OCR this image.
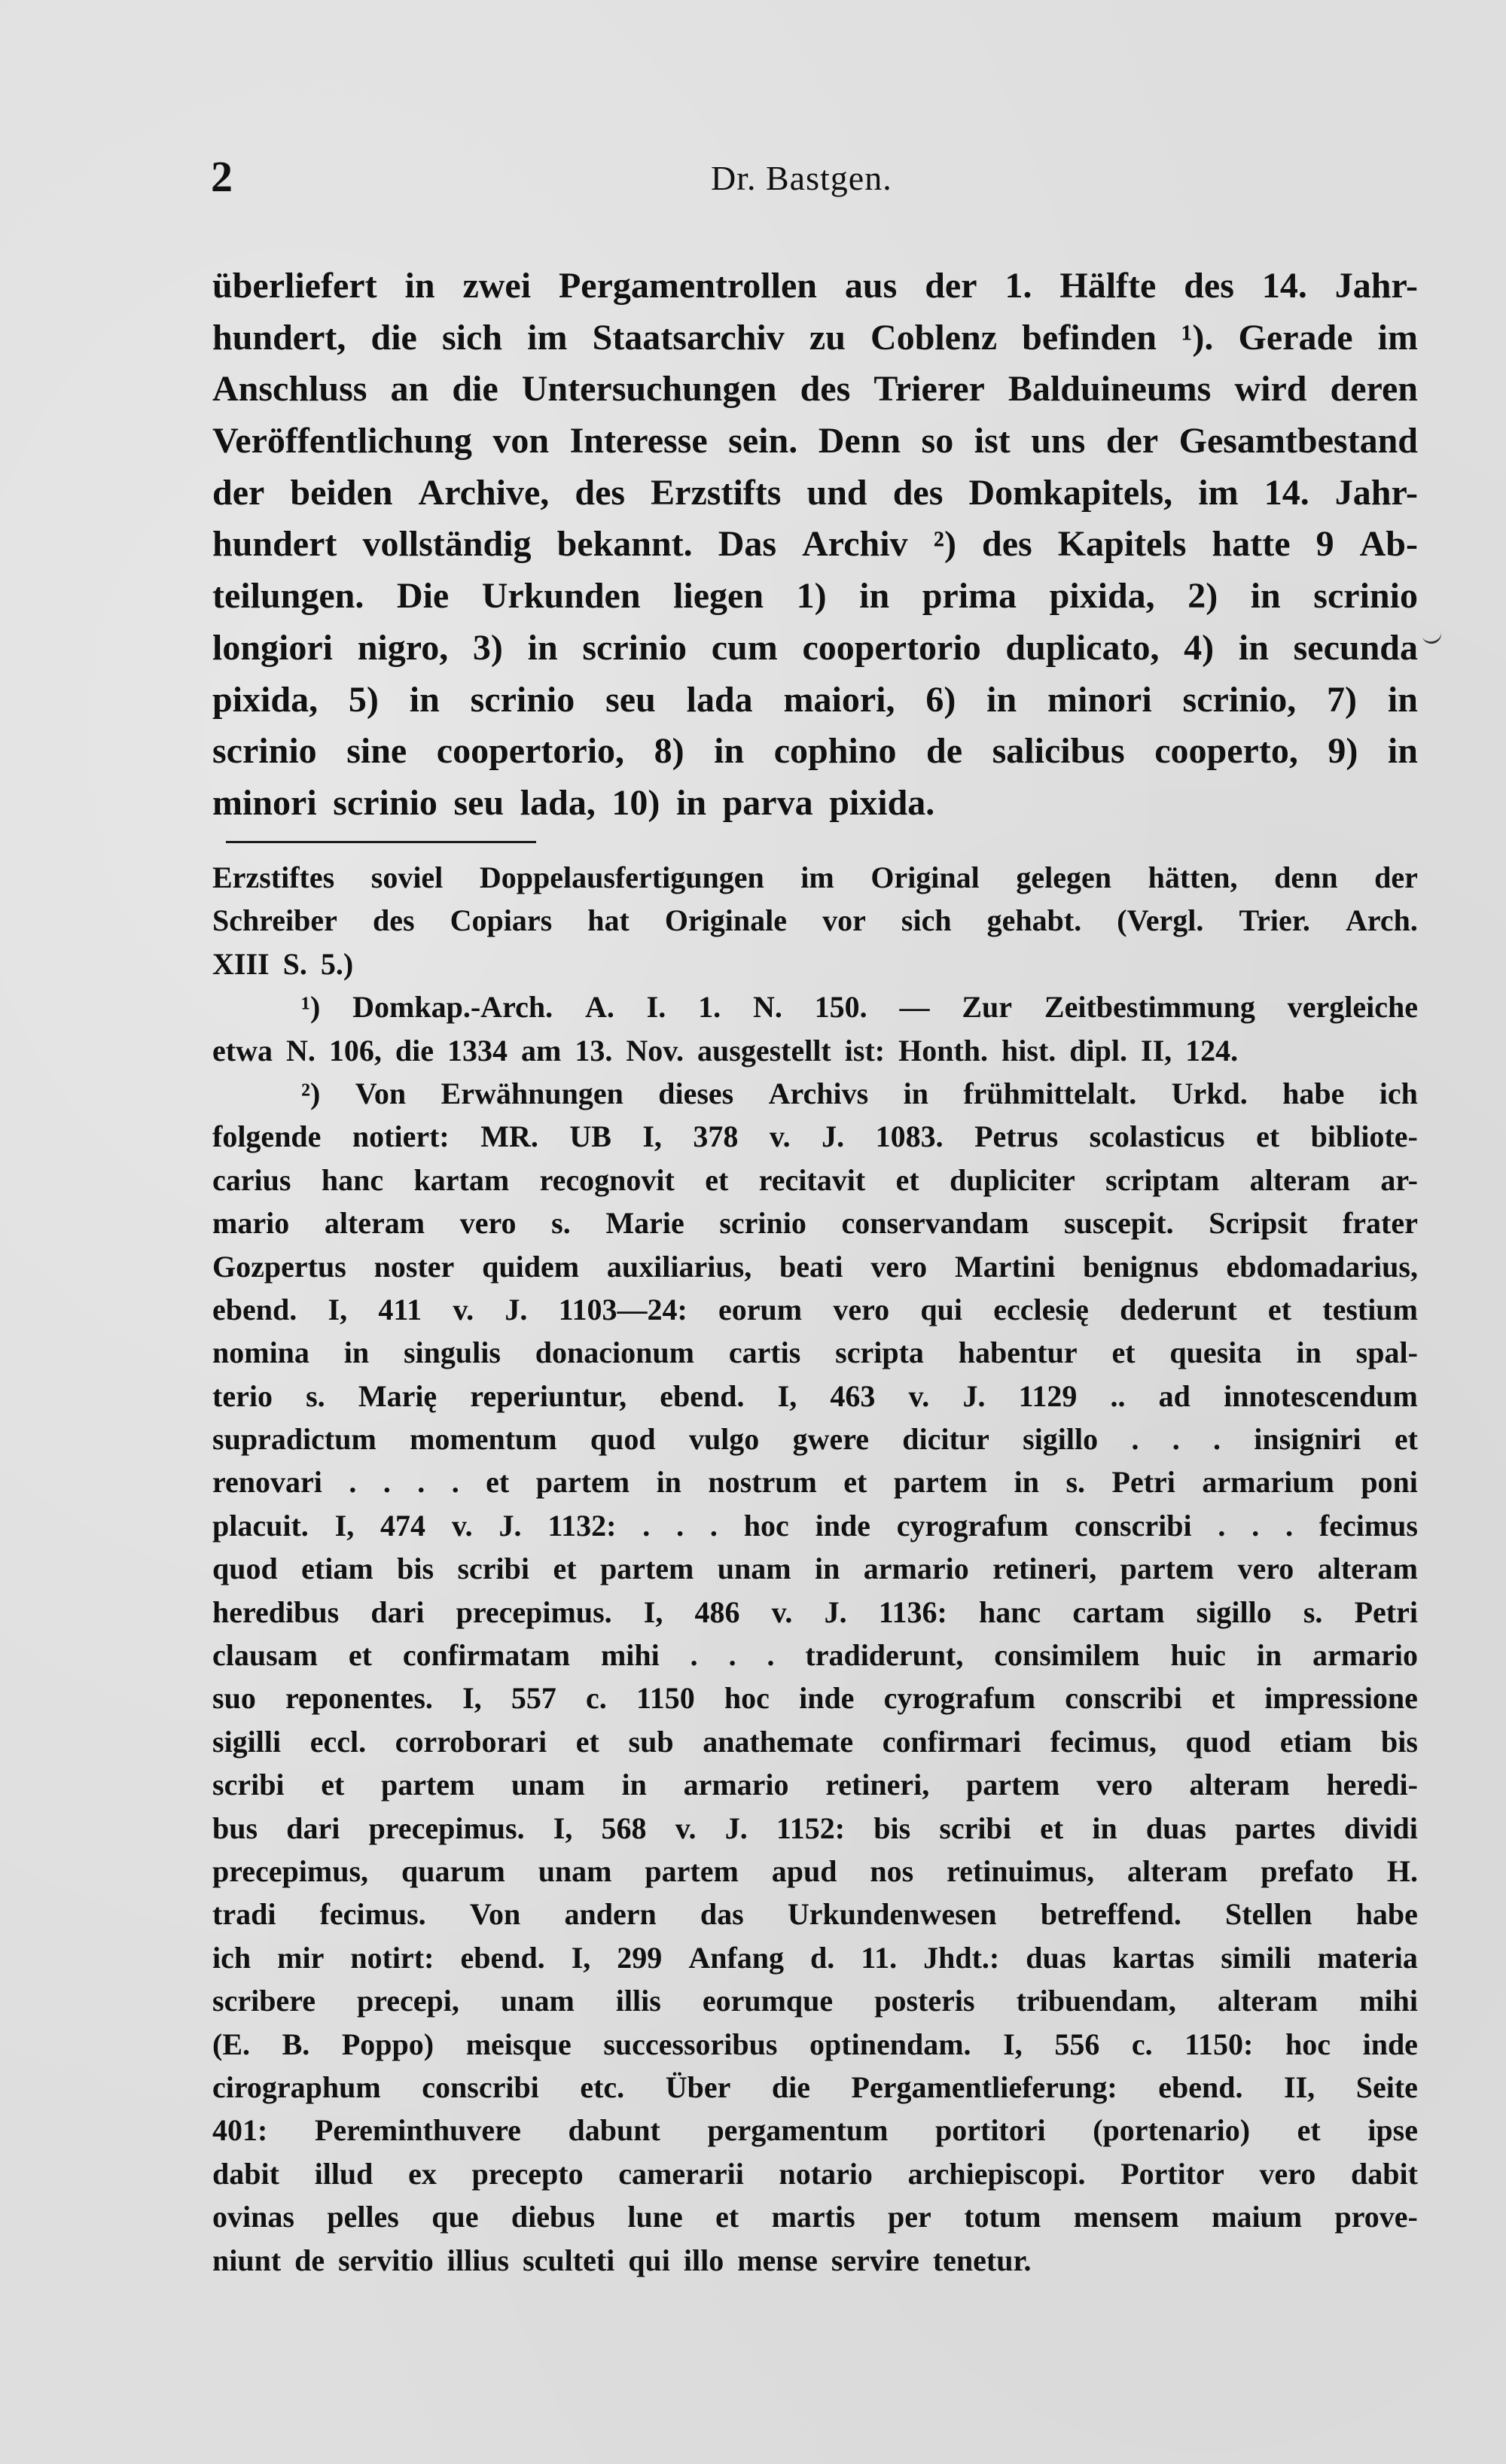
2	Dr. Bastgen.
überliefert in zwei Pergamentrollen aus der 1. Hälfte des 14. Jahr-
hundert, die sich im Staatsarchiv zu Coblenz befinden ¹). Gerade im
Anschluss an die Untersuchungen des Trierer Balduineums wird deren
Veröffentlichung von Interesse sein. Denn so ist uns der Gesamtbestand
der beiden Archive, des Erzstifts und des Domkapitels, im 14. Jahr-
hundert vollständig bekannt. Das Archiv ²) des Kapitels hatte 9 Ab-
teilungen. Die Urkunden liegen 1) in prima pixida, 2) in scrinio
longiori nigro, 3) in scrinio cum coopertorio duplicato, 4) in secunda
pixida, 5) in scrinio seu lada maiori, 6) in minori scrinio, 7) in
scrinio sine coopertorio, 8) in cophino de salicibus cooperto, 9) in
minori scrinio seu lada, 10) in parva pixida.
Erzstiftes soviel Doppelausfertigungen im Original gelegen hätten, denn der
Schreiber des Copiars hat Originale vor sich gehabt. (Vergl. Trier. Arch.
XIII S. 5.)
¹) Domkap.-Arch. A. I. 1. N. 150. — Zur Zeitbestimmung vergleiche
etwa N. 106, die 1334 am 13. Nov. ausgestellt ist: Honth. hist. dipl. II, 124.
²) Von Erwähnungen dieses Archivs in frühmittelalt. Urkd. habe ich
folgende notiert: MR. UB I, 378 v. J. 1083. Petrus scolasticus et bibliote-
carius hanc kartam recognovit et recitavit et dupliciter scriptam alteram ar-
mario alteram vero s. Marie scrinio conservandam suscepit. Scripsit frater
Gozpertus noster quidem auxiliarius, beati vero Martini benignus ebdomadarius,
ebend. I, 411 v. J. 1103—24: eorum vero qui ecclesię dederunt et testium
nomina in singulis donacionum cartis scripta habentur et quesita in spal-
terio s. Marię reperiuntur, ebend. I, 463 v. J. 1129 .. ad innotescendum
supradictum momentum quod vulgo gwere dicitur sigillo . . . insigniri et
renovari . . . . et partem in nostrum et partem in s. Petri armarium poni
placuit. I, 474 v. J. 1132: . . . hoc inde cyrografum conscribi . . . fecimus
quod etiam bis scribi et partem unam in armario retineri, partem vero alteram
heredibus dari precepimus. I, 486 v. J. 1136: hanc cartam sigillo s. Petri
clausam et confirmatam mihi . . . tradiderunt, consimilem huic in armario
suo reponentes. I, 557 c. 1150 hoc inde cyrografum conscribi et impressione
sigilli eccl. corroborari et sub anathemate confirmari fecimus, quod etiam bis
scribi et partem unam in armario retineri, partem vero alteram heredi-
bus dari precepimus. I, 568 v. J. 1152: bis scribi et in duas partes dividi
precepimus, quarum unam partem apud nos retinuimus, alteram prefato H.
tradi fecimus. Von andern das Urkundenwesen betreffend. Stellen habe
ich mir notirt: ebend. I, 299 Anfang d. 11. Jhdt.: duas kartas simili materia
scribere precepi, unam illis eorumque posteris tribuendam, alteram mihi
(E. B. Poppo) meisque successoribus optinendam. I, 556 c. 1150: hoc inde
cirographum conscribi etc. Über die Pergamentlieferung: ebend. II, Seite
401: Pereminthuvere dabunt pergamentum portitori (portenario) et ipse
dabit illud ex precepto camerarii notario archiepiscopi. Portitor vero dabit
ovinas pelles que diebus lune et martis per totum mensem maium prove-
niunt de servitio illius sculteti qui illo mense servire tenetur.
